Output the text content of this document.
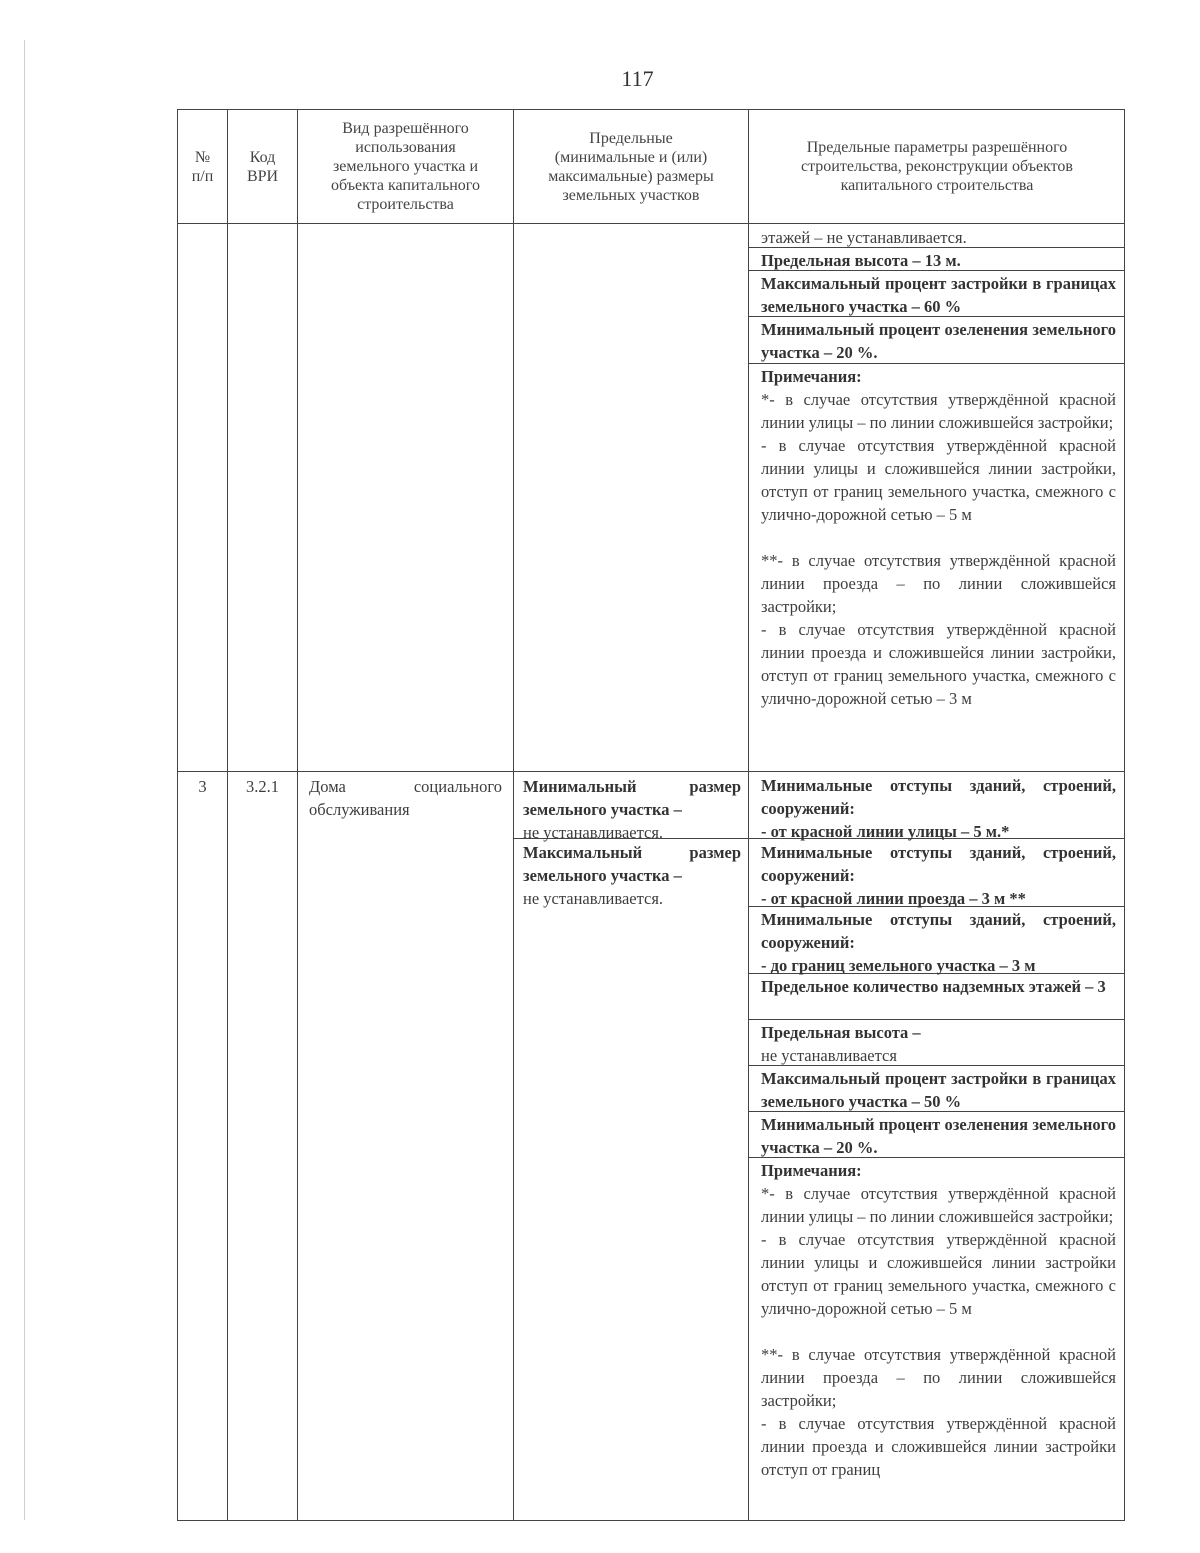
117
№
п/п
Код
ВРИ
Вид разрешённого
использования
земельного участка и
объекта капитального
строительства
Предельные
(минимальные и (или)
максимальные) размеры
земельных участков
Предельные параметры разрешённого
строительства, реконструкции объектов
капитального строительства
этажей – не устанавливается.
Предельная высота – 13 м.
Максимальный процент застройки в границах земельного участка – 60 %
Минимальный процент озеленения земельного участка – 20 %.
Примечания:
*- в случае отсутствия утверждённой красной линии улицы – по линии сложившейся застройки;
- в случае отсутствия утверждённой красной линии улицы и сложившейся линии застройки, отступ от границ земельного участка, смежного с улично-дорожной сетью – 5 м
**- в случае отсутствия утверждённой красной линии проезда – по линии сложившейся застройки;
- в случае отсутствия утверждённой красной линии проезда и сложившейся линии застройки, отступ от границ земельного участка, смежного с улично-дорожной сетью – 3 м
3	3.2.1	Дома социального обслуживания
Минимальный размер земельного участка –
не устанавливается.
Максимальный размер земельного участка –
не устанавливается.
Минимальные отступы зданий, строений, сооружений:
- от красной линии улицы – 5 м.*
Минимальные отступы зданий, строений, сооружений:
- от красной линии проезда – 3 м **
Минимальные отступы зданий, строений, сооружений:
- до границ земельного участка – 3 м
Предельное количество надземных этажей – 3
Предельная высота –
не устанавливается
Максимальный процент застройки в границах земельного участка – 50 %
Минимальный процент озеленения земельного участка – 20 %.
Примечания:
*- в случае отсутствия утверждённой красной линии улицы – по линии сложившейся застройки;
- в случае отсутствия утверждённой красной линии улицы и сложившейся линии застройки отступ от границ земельного участка, смежного с улично-дорожной сетью – 5 м
**- в случае отсутствия утверждённой красной линии проезда – по линии сложившейся застройки;
- в случае отсутствия утверждённой красной линии проезда и сложившейся линии застройки отступ от границ
